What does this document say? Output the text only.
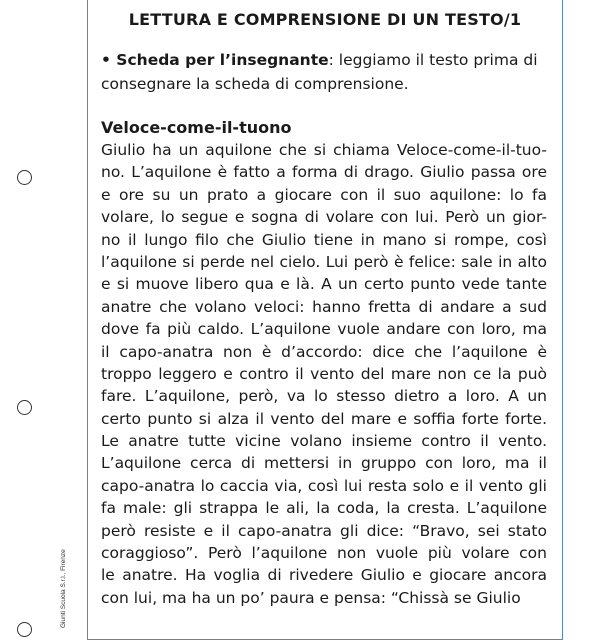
Giunti Scuola S.r.l., Firenze
LETTURA E COMPRENSIONE DI UN TESTO/1
• Scheda per l’insegnante: leggiamo il testo prima di consegnare la scheda di comprensione.
Veloce-come-il-tuono
Giulio ha un aquilone che si chiama Veloce-come-il-tuo-
no. L’aquilone è fatto a forma di drago. Giulio passa ore
e ore su un prato a giocare con il suo aquilone: lo fa
volare, lo segue e sogna di volare con lui. Però un gior-
no il lungo filo che Giulio tiene in mano si rompe, così
l’aquilone si perde nel cielo. Lui però è felice: sale in alto
e si muove libero qua e là. A un certo punto vede tante
anatre che volano veloci: hanno fretta di andare a sud
dove fa più caldo. L’aquilone vuole andare con loro, ma
il capo-anatra non è d’accordo: dice che l’aquilone è
troppo leggero e contro il vento del mare non ce la può
fare. L’aquilone, però, va lo stesso dietro a loro. A un
certo punto si alza il vento del mare e soffia forte forte.
Le anatre tutte vicine volano insieme contro il vento.
L’aquilone cerca di mettersi in gruppo con loro, ma il
capo-anatra lo caccia via, così lui resta solo e il vento gli
fa male: gli strappa le ali, la coda, la cresta. L’aquilone
però resiste e il capo-anatra gli dice: “Bravo, sei stato
coraggioso”. Però l’aquilone non vuole più volare con
le anatre. Ha voglia di rivedere Giulio e giocare ancora
con lui, ma ha un po’ paura e pensa: “Chissà se Giulio
